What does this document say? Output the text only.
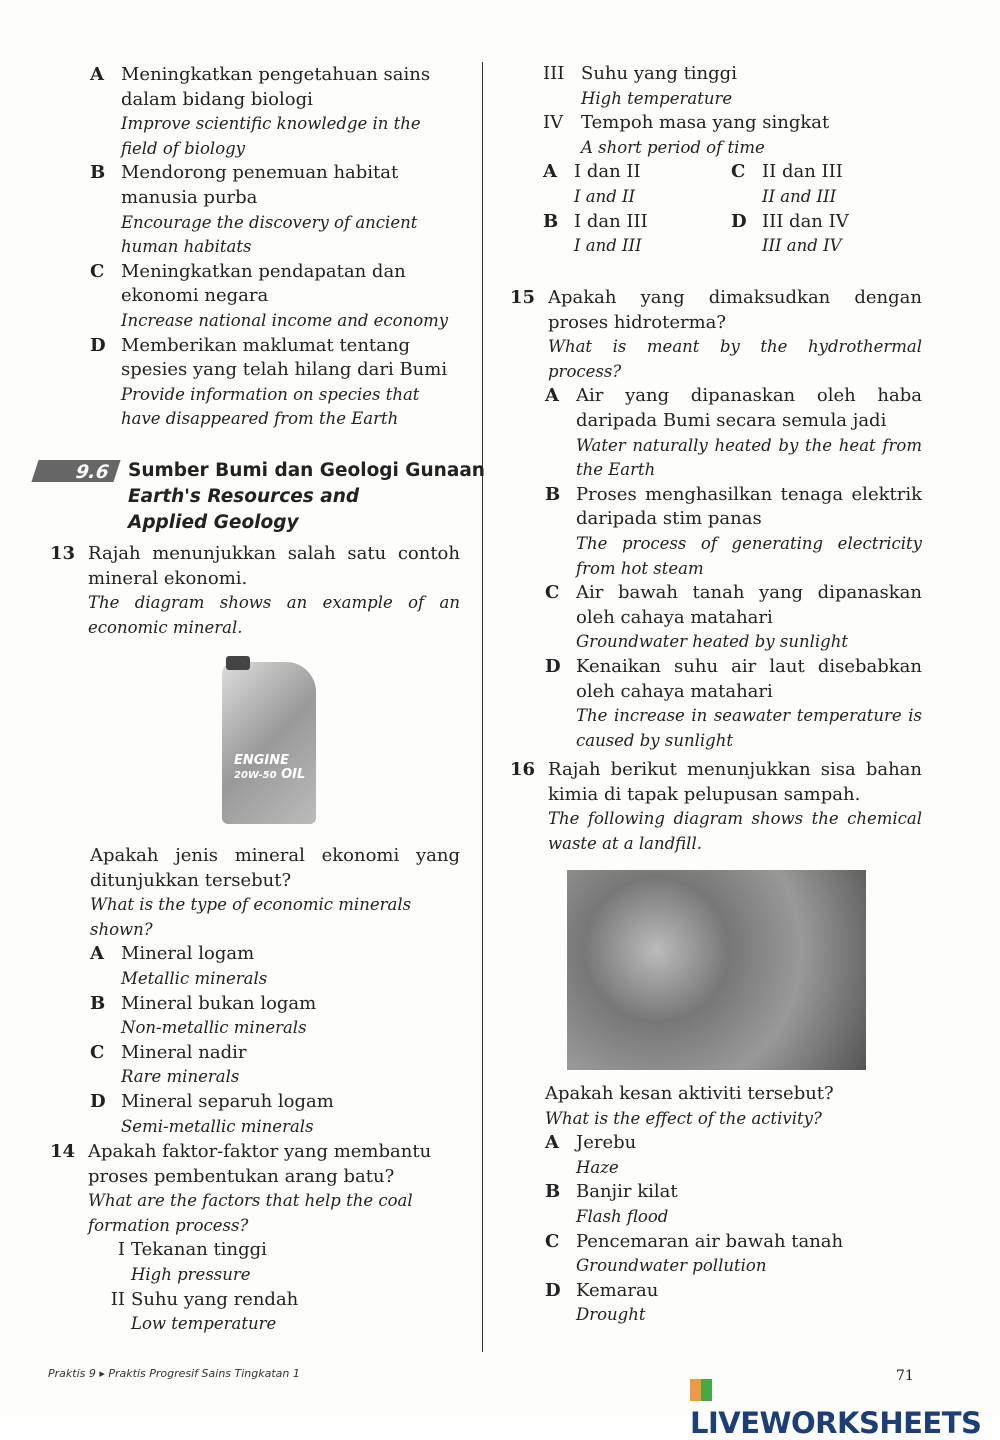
A Meningkatkan pengetahuan sains dalam bidang biologi
Improve scientific knowledge in the field of biology
B Mendorong penemuan habitat manusia purba
Encourage the discovery of ancient human habitats
C Meningkatkan pendapatan dan ekonomi negara
Increase national income and economy
D Memberikan maklumat tentang spesies yang telah hilang dari Bumi
Provide information on species that have disappeared from the Earth
9.6 Sumber Bumi dan Geologi Gunaan
Earth's Resources and Applied Geology
13 Rajah menunjukkan salah satu contoh mineral ekonomi.
The diagram shows an example of an economic mineral.
ENGINE
20W-50 OIL
Apakah jenis mineral ekonomi yang ditunjukkan tersebut?
What is the type of economic minerals shown?
A Mineral logam
Metallic minerals
B Mineral bukan logam
Non-metallic minerals
C Mineral nadir
Rare minerals
D Mineral separuh logam
Semi-metallic minerals
14 Apakah faktor-faktor yang membantu proses pembentukan arang batu?
What are the factors that help the coal formation process?
I Tekanan tinggi
High pressure
II Suhu yang rendah
Low temperature
III Suhu yang tinggi
High temperature
IV Tempoh masa yang singkat
A short period of time
A I dan II
I and II
C II dan III
II and III
B I dan III
I and III
D III dan IV
III and IV
15 Apakah yang dimaksudkan dengan proses hidroterma?
What is meant by the hydrothermal process?
A Air yang dipanaskan oleh haba daripada Bumi secara semula jadi
Water naturally heated by the heat from the Earth
B Proses menghasilkan tenaga elektrik daripada stim panas
The process of generating electricity from hot steam
C Air bawah tanah yang dipanaskan oleh cahaya matahari
Groundwater heated by sunlight
D Kenaikan suhu air laut disebabkan oleh cahaya matahari
The increase in seawater temperature is caused by sunlight
16 Rajah berikut menunjukkan sisa bahan kimia di tapak pelupusan sampah.
The following diagram shows the chemical waste at a landfill.
Apakah kesan aktiviti tersebut?
What is the effect of the activity?
A Jerebu
Haze
B Banjir kilat
Flash flood
C Pencemaran air bawah tanah
Groundwater pollution
D Kemarau
Drought
Praktis 9 ▸ Praktis Progresif Sains Tingkatan 1	71
LIVEWORKSHEETS
